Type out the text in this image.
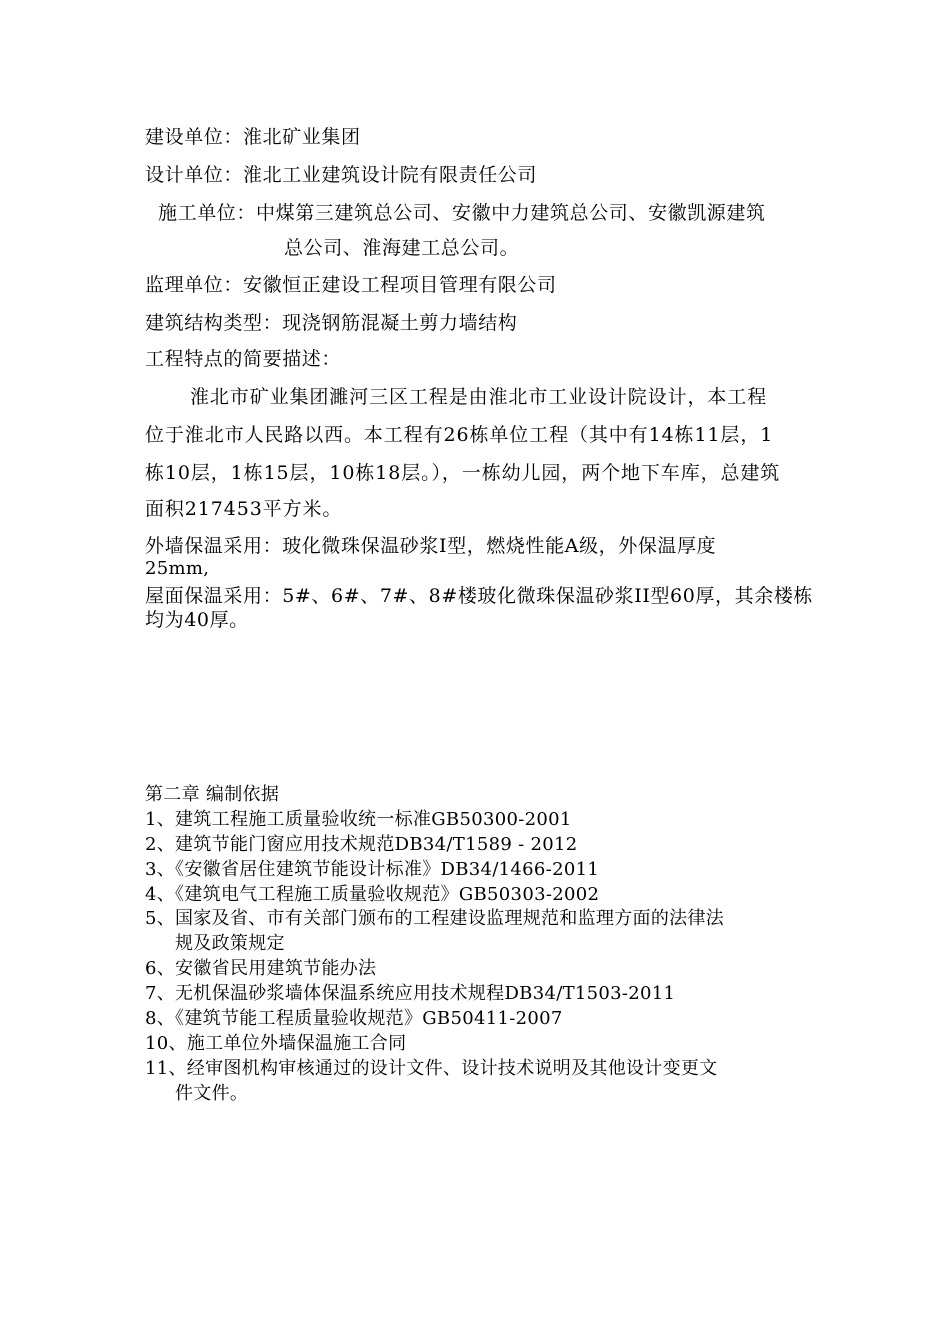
建设单位：淮北矿业集团
设计单位：淮北工业建筑设计院有限责任公司
施工单位：中煤第三建筑总公司、安徽中力建筑总公司、安徽凯源建筑
总公司、淮海建工总公司。
监理单位：安徽恒正建设工程项目管理有限公司
建筑结构类型：现浇钢筋混凝土剪力墙结构
工程特点的简要描述：
淮北市矿业集团濉河三区工程是由淮北市工业设计院设计，本工程
位于淮北市人民路以西。本工程有26栋单位工程（其中有14栋11层，1
栋10层，1栋15层，10栋18层。），一栋幼儿园，两个地下车库，总建筑
面积217453平方米。
外墙保温采用：玻化微珠保温砂浆Ⅰ型，燃烧性能A级，外保温厚度
25mm,
屋面保温采用：5#、6#、7#、8#楼玻化微珠保温砂浆II型60厚，其余楼栋
均为40厚。
第二章 编制依据
1、建筑工程施工质量验收统一标准GB50300-2001
2、建筑节能门窗应用技术规范DB34/T1589 - 2012
3、《安徽省居住建筑节能设计标准》DB34/1466-2011
4、《建筑电气工程施工质量验收规范》GB50303-2002
5、国家及省、市有关部门颁布的工程建设监理规范和监理方面的法律法
规及政策规定
6、安徽省民用建筑节能办法
7、无机保温砂浆墙体保温系统应用技术规程DB34/T1503-2011
8、《建筑节能工程质量验收规范》GB50411-2007
10、施工单位外墙保温施工合同
11、经审图机构审核通过的设计文件、设计技术说明及其他设计变更文
件文件。
